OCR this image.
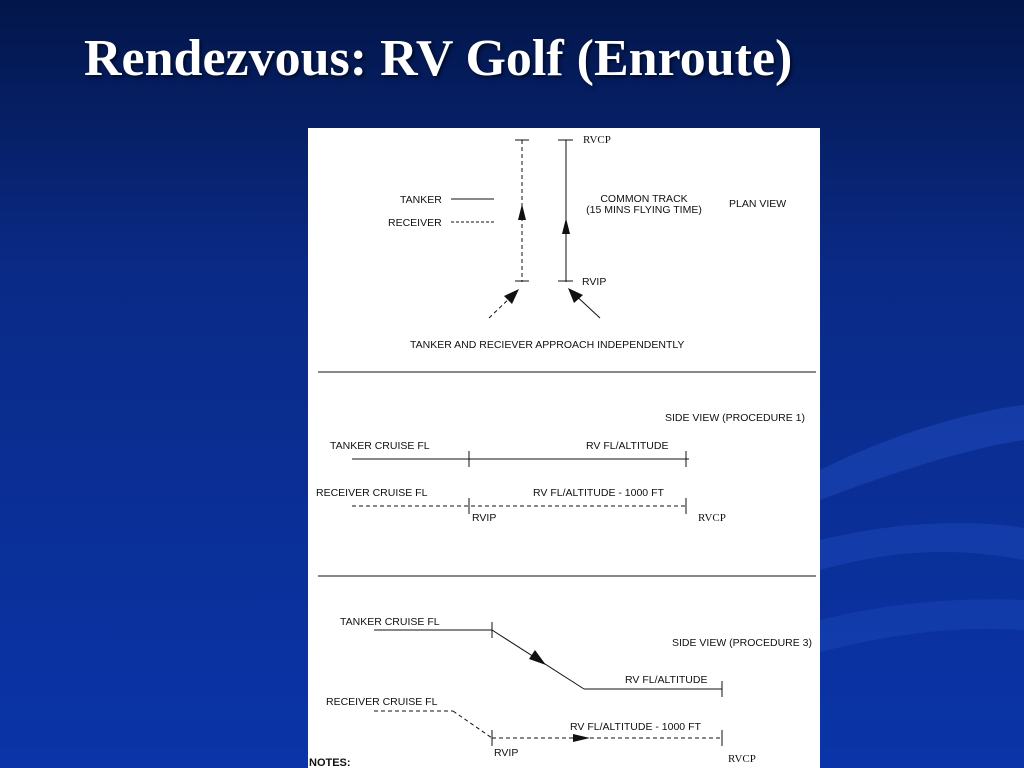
Rendezvous: RV Golf (Enroute)
RVCP
TANKER
RECEIVER
COMMON TRACK
(15 MINS FLYING TIME)	PLAN VIEW
RVIP
TANKER AND RECIEVER APPROACH INDEPENDENTLY
SIDE VIEW (PROCEDURE 1)
TANKER CRUISE FL	RV FL/ALTITUDE
RECEIVER CRUISE FL	RV FL/ALTITUDE - 1000 FT
RVIP	RVCP
TANKER CRUISE FL
SIDE VIEW (PROCEDURE 3)
RV FL/ALTITUDE
RECEIVER CRUISE FL
RV FL/ALTITUDE - 1000 FT
RVIP	RVCP
NOTES:
